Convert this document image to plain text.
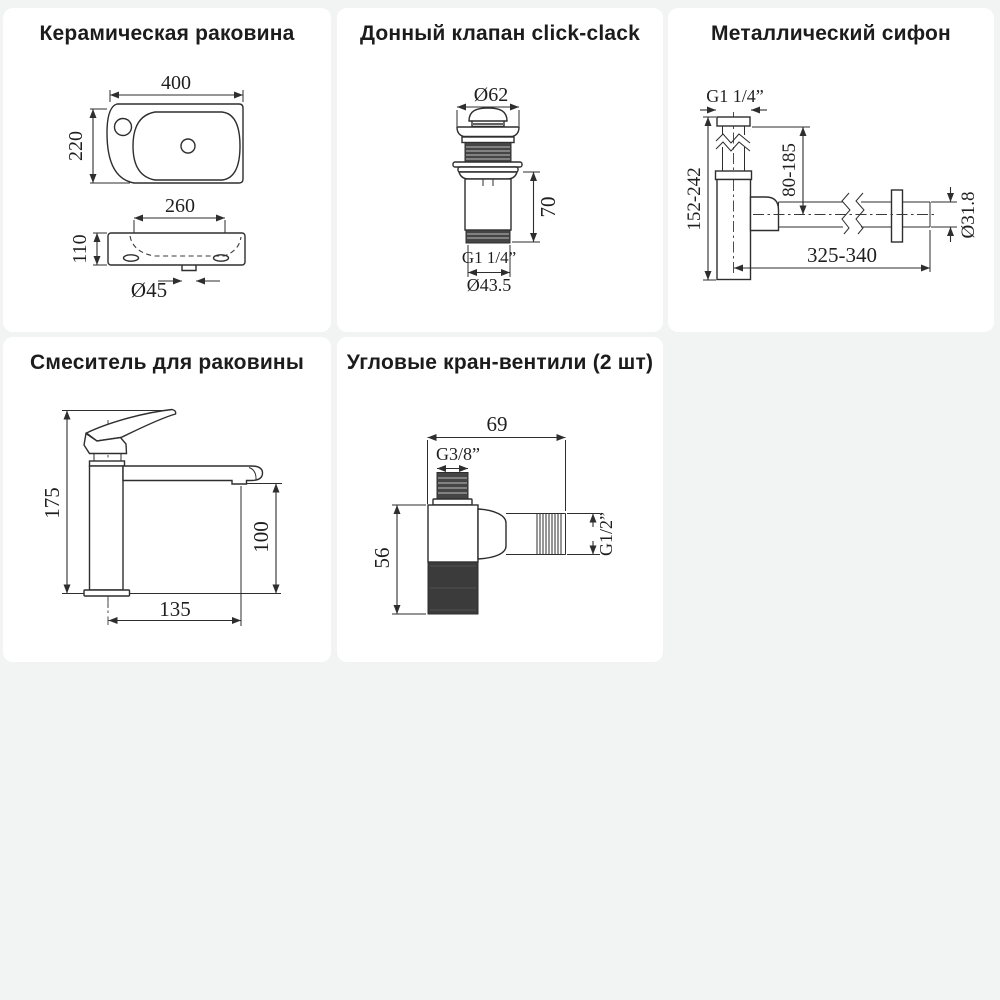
Керамическая раковина
400
220
260
110
Ø45
Донный клапан click-clack
Ø62
70
G1 1/4”
Ø43.5
Металлический сифон
G1 1/4”
80-185
152-242	Ø31.8
325-340
Смеситель для раковины
175
100
135
Угловые кран-вентили (2 шт)
69
G3/8”
56
G1/2”
